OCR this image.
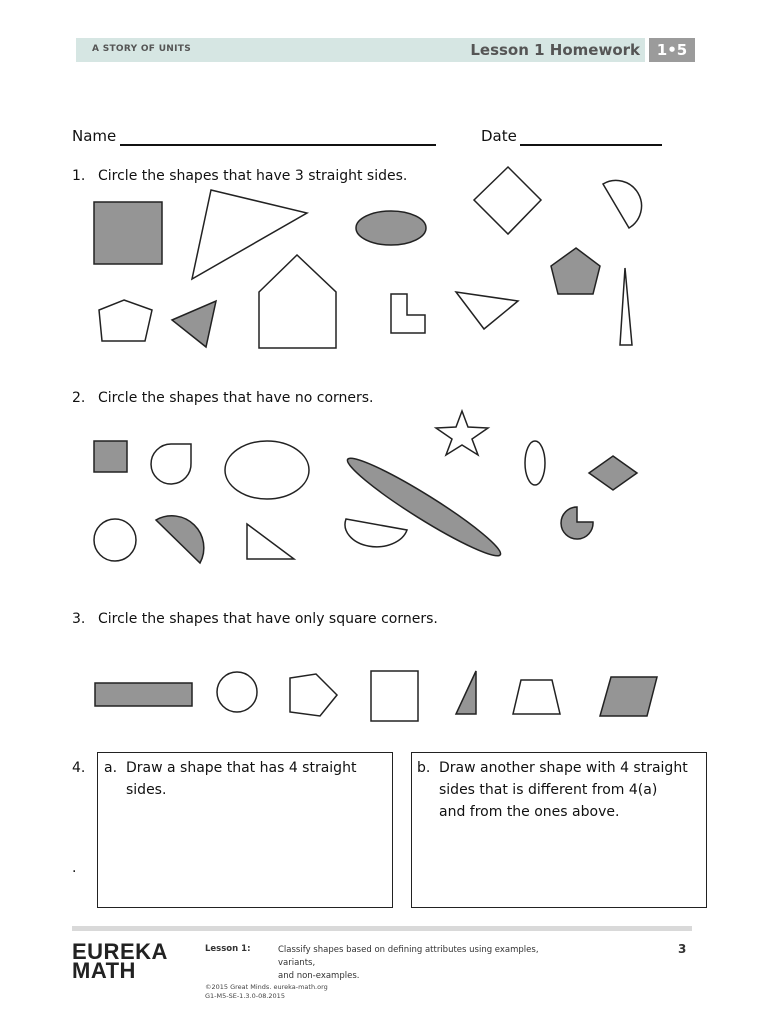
A STORY OF UNITS	Lesson 1 Homework	1•5
Name	Date
1. Circle the shapes that have 3 straight sides.
2. Circle the shapes that have no corners.
3. Circle the shapes that have only square corners.
4.
.
a. Draw a shape that has 4 straight
sides.
b. Draw another shape with 4 straight
sides that is different from 4(a)
and from the ones above.
EUREKA
MATH
Lesson 1:	Classify shapes based on defining attributes using examples, variants,
and non-examples.
3
©2015 Great Minds. eureka-math.org
G1-M5-SE-1.3.0-08.2015
